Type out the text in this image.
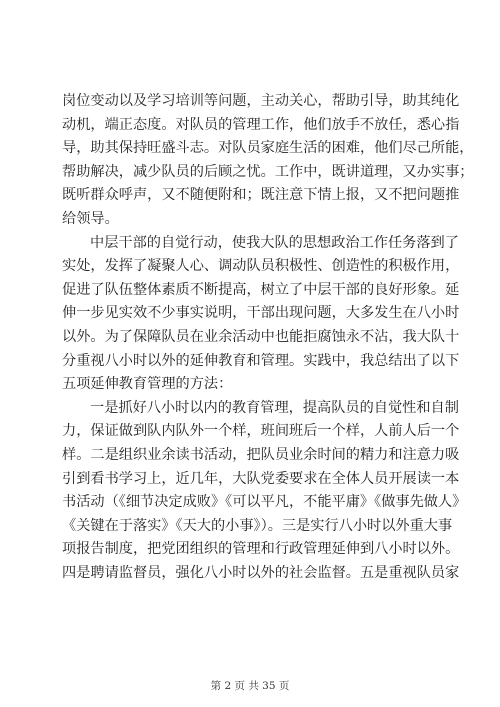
岗位变动以及学习培训等问题，主动关心，帮助引导，助其纯化
动机，端正态度。对队员的管理工作，他们放手不放任，悉心指
导，助其保持旺盛斗志。对队员家庭生活的困难，他们尽己所能，
帮助解决，减少队员的后顾之忧。工作中，既讲道理，又办实事；
既听群众呼声，又不随便附和；既注意下情上报，又不把问题推
给领导。
中层干部的自觉行动，使我大队的思想政治工作任务落到了
实处，发挥了凝聚人心、调动队员积极性、创造性的积极作用，
促进了队伍整体素质不断提高，树立了中层干部的良好形象。延
伸一步见实效不少事实说明，干部出现问题，大多发生在八小时
以外。为了保障队员在业余活动中也能拒腐蚀永不沾，我大队十
分重视八小时以外的延伸教育和管理。实践中，我总结出了以下
五项延伸教育管理的方法：
一是抓好八小时以内的教育管理，提高队员的自觉性和自制
力，保证做到队内队外一个样，班间班后一个样，人前人后一个
样。二是组织业余读书活动，把队员业余时间的精力和注意力吸
引到看书学习上，近几年，大队党委要求在全体人员开展读一本
书活动（《细节决定成败》《可以平凡，不能平庸》《做事先做人》
《关键在于落实》《天大的小事》）。三是实行八小时以外重大事
项报告制度，把党团组织的管理和行政管理延伸到八小时以外。
四是聘请监督员，强化八小时以外的社会监督。五是重视队员家
第 2 页 共 35 页
